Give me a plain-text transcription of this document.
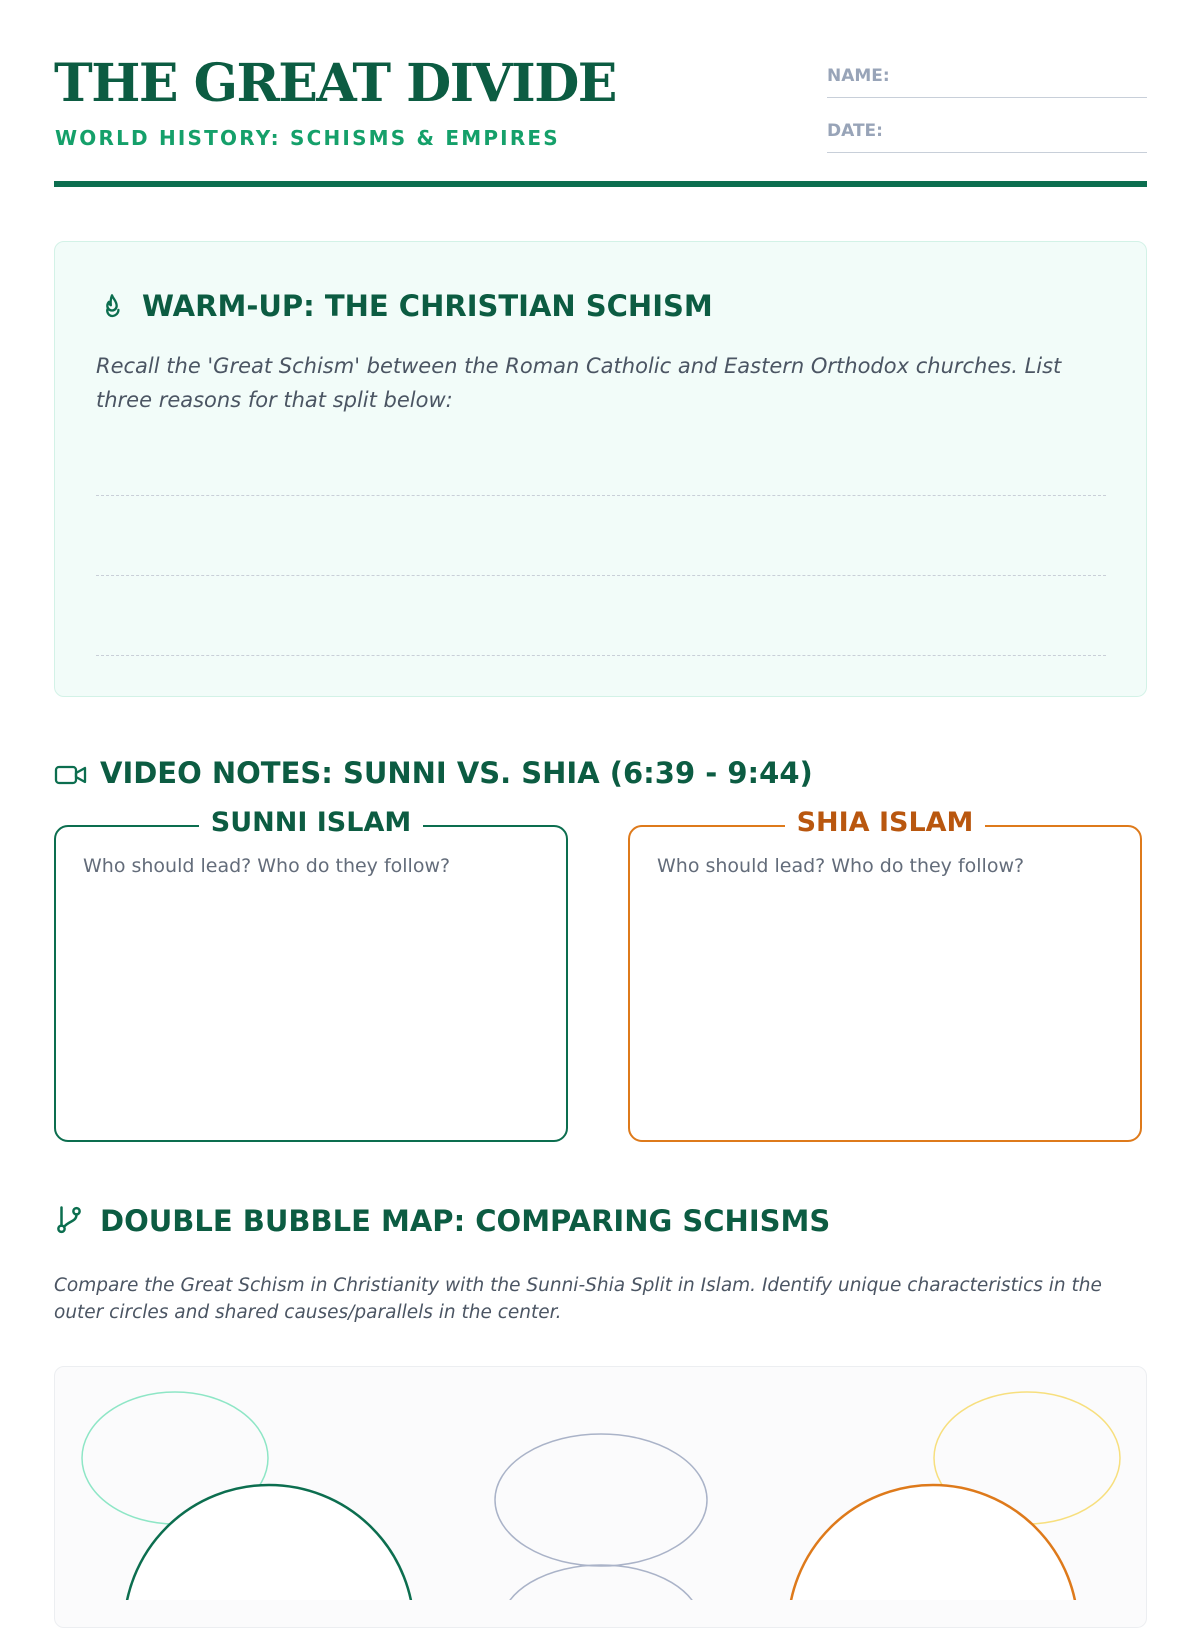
THE GREAT DIVIDE
WORLD HISTORY: SCHISMS & EMPIRES
NAME:
DATE:
WARM-UP: THE CHRISTIAN SCHISM
Recall the 'Great Schism' between the Roman Catholic and Eastern Orthodox churches. List three reasons for that split below:
VIDEO NOTES: SUNNI VS. SHIA (6:39 - 9:44)
SUNNI ISLAM
Who should lead? Who do they follow?
SHIA ISLAM
Who should lead? Who do they follow?
DOUBLE BUBBLE MAP: COMPARING SCHISMS
Compare the Great Schism in Christianity with the Sunni-Shia Split in Islam. Identify unique characteristics in the outer circles and shared causes/parallels in the center.
